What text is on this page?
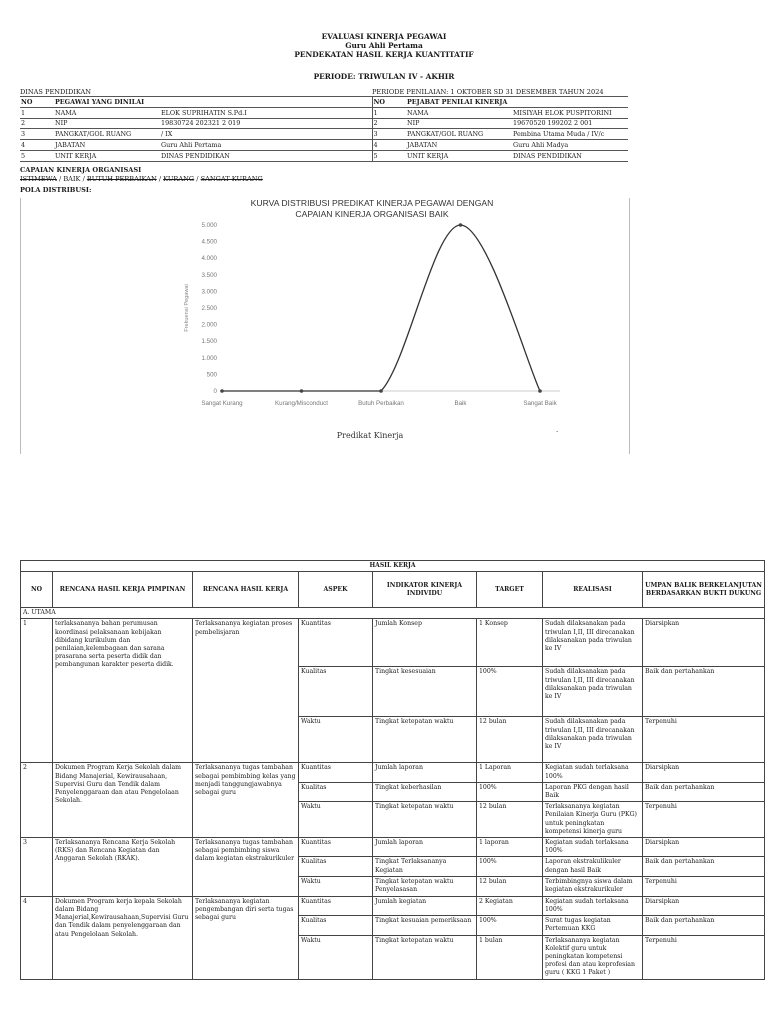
EVALUASI KINERJA PEGAWAI
Guru Ahli Pertama
PENDEKATAN HASIL KERJA KUANTITATIF
PERIODE: TRIWULAN IV - AKHIR
DINAS PENDIDIKAN	PERIODE PENILAIAN: 1 OKTOBER SD 31 DESEMBER TAHUN 2024
NO	PEGAWAI YANG DINILAI		NO	PEJABAT PENILAI KINERJA	
1	NAMA	ELOK SUPRIHATIN S.Pd.I	1	NAMA	MISIYAH ELOK PUSPITORINI
2	NIP	19830724 202321 2 019	2	NIP	19670520 199202 2 001
3	PANGKAT/GOL RUANG	/ IX	3	PANGKAT/GOL RUANG	Pembina Utama Muda / IV/c
4	JABATAN	Guru Ahli Pertama	4	JABATAN	Guru Ahli Madya
5	UNIT KERJA	DINAS PENDIDIKAN	5	UNIT KERJA	DINAS PENDIDIKAN
CAPAIAN KINERJA ORGANISASI
ISTIMEWA / BAIK / BUTUH PERBAIKAN / KURANG / SANGAT KURANG
POLA DISTRIBUSI:
KURVA DISTRIBUSI PREDIKAT KINERJA PEGAWAI DENGAN
CAPAIAN KINERJA ORGANISASI BAIK
0
500
1.000
1.500
2.000
2.500
3.000
3.500
4.000
4.500
5.000
Sangat Kurang	Kurang/Misconduct	Butuh Perbaikan	Baik	Sangat Baik
Frekuensi Pegawai
Predikat Kinerja	·
HASIL KERJA							
NO	RENCANA HASIL KERJA PIMPINAN	RENCANA HASIL KERJA	ASPEK	INDIKATOR KINERJA INDIVIDU	TARGET	REALISASI	UMPAN BALIK BERKELANJUTAN BERDASARKAN BUKTI DUKUNG
A. UTAMA							
1	terlaksananya bahan perumusan koordinasi pelaksanaan kebijakan dibidang kurikulum dan penilaian,kelembagaan dan sarana prasarana serta peserta didik dan pembangunan karakter peserta didik.	Terlaksananya kegiatan proses pembelisjaran	Kuantitas	Jumlah Konsep	1 Konsep	Sudah dilaksanakan pada triwulan I,II, III direcanakan dilaksanakan pada triwulan ke IV	Diarsipkan
			Kualitas	Tingkat kesesuaian	100%	Sudah dilaksanakan pada triwulan I,II, III direcanakan dilaksanakan pada triwulan ke IV	Baik dan pertahankan
			Waktu	Tingkat ketepatan waktu	12 bulan	Sudah dilaksanakan pada triwulan I,II, III direcanakan dilaksanakan pada triwulan ke IV	Terpenuhi
2	Dokumen Program Kerja Sekolah dalam Bidang Manajerial, Kewirausahaan, Supervisi Guru dan Tendik dalam Penyelenggaraan dan atau Pengelolaan Sekolah.	Terlaksananya tugas tambahan sebagai pembimbing kelas yang menjadi tanggungjawabnya sebagai guru	Kuantitas	Jumlah laporan	1 Laporan	Kegiatan sudah terlaksana 100%	Diarsipkan
			Kualitas	Tingkat keberhasilan	100%	Laporan PKG dengan hasil Baik	Baik dan pertahankan
			Waktu	Tingkat ketepatan waktu	12 bulan	Terlaksananya kegiatan Penilaian Kinerja Guru (PKG) untuk peningkatan kompetensi kinerja guru	Terpenuhi
3	Terlaksananya Rencana Kerja Sekolah (RKS) dan Rencana Kegiatan dan Anggaran Sekolah (RKAK).	Terlaksananya tugas tambahan sebagai pembimbing siswa dalam kegiatan ekstrakurikuler	Kuantitas	Jumlah laporan	1 laporan	Kegiatan sudah terlaksana 100%	Diarsipkan
			Kualitas	Tingkat Terlaksananya Kegiatan	100%	Laporan ekstrakulikuler dengan hasil Baik	Baik dan pertahankan
			Waktu	Tingkat ketepatan waktu Penyelasasan	12 bulan	Terbimbingnya siswa dalam kegiatan ekstrakurikuler	Terpenuhi
4	Dokumen Program kerja kepala Sekolah dalam Bidang Manajerial,Kewirausahaan,Supervisi Guru dan Tendik dalam penyelenggaraan dan atau Pengelolaan Sekolah.	Terlaksananya kegiatan pengembangan diri serta tugas sebagai guru	Kuantitas	Jumlah kegiatan	2 Kegiatan	Kegiatan sudah terlaksana 100%	Diarsipkan
			Kualitas	Tingkat kesuaian pemeriksaan	100%	Surat tugas kegiatan Pertemuan KKG	Baik dan pertahankan
			Waktu	Tingkat ketepatan waktu	1 bulan	Terlaksananya kegiatan Kolektif guru untuk peningkatan kompetensi profesi dan atau keprofesian guru ( KKG 1 Paket )	Terpenuhi
